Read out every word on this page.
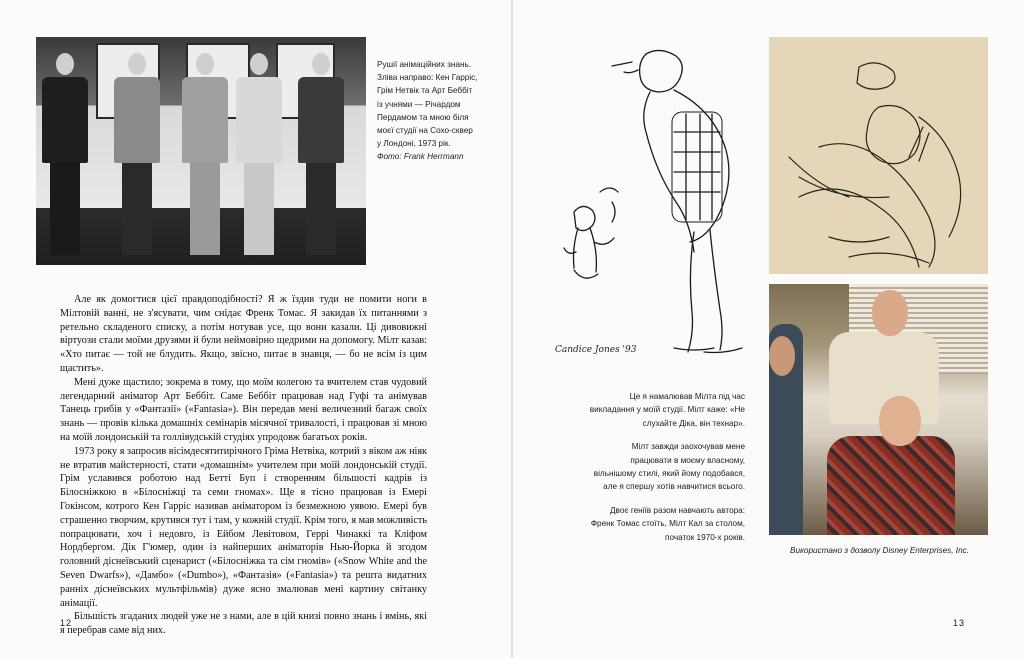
Рушії анімаційних знань.
Зліва направо: Кен Гарріс,
Грім Нетвік та Арт Беббіт
із учнями — Річардом
Пердамом та мною біля
моєї студії на Сохо-сквер
у Лондоні, 1973 рік.
Фото: Frank Herrmann

Але як домогтися цієї правдоподібності? Я ж їздив туди не помити ноги в Мілтовій ванні, не з'ясувати, чим снідає Френк Томас. Я закидав їх питаннями з ретельно складеного списку, а потім нотував усе, що вони казали. Ці дивовижні віртуози стали моїми друзями й були неймовірно щедрими на допомогу. Мілт казав: «Хто питає — той не блудить. Якщо, звісно, питає в знавця, — бо не всім із цим щастить».

Мені дуже щастило; зокрема в тому, що моїм колегою та вчителем став чудовий легендарний аніматор Арт Беббіт. Саме Беббіт працював над Гуфі та анімував Танець грибів у «Фантазії» («Fantasia»). Він передав мені величезний багаж своїх знань — провів кілька домашніх семінарів місячної тривалості, і працював зі мною на моїй лондонській та голлівудській студіях упродовж багатьох років.

1973 року я запросив вісімдесятитирічного Гріма Нетвіка, котрий з віком аж ніяк не втратив майстерності, стати «домашнім» учителем при моїй лондонській студії. Грім уславився роботою над Бетті Буп і створенням більшості кадрів із Білосніжкою в «Білосніжці та семи гномах». Ще я тісно працював із Емері Гокінсом, котрого Кен Гарріс називав аніматором із безмежною уявою. Емері був страшенно творчим, крутився тут і там, у кожній студії. Крім того, я мав можливість попрацювати, хоч і недовго, із Ейбом Левітовом, Геррі Чинаккі та Кліфом Нордбергом. Дік Г'юмер, один із найперших аніматорів Нью-Йорка й згодом головний діснеївський сценарист («Білосніжка та сім гномів» («Snow White and the Seven Dwarfs»), «Дамбо» («Dumbo»), «Фантазія» («Fantasia») та решта видатних ранніх діснеївських мультфільмів) дуже ясно змалював мені картину світанку анімації.

Більшість згаданих людей уже не з нами, але в цій книзі повно знань і вмінь, які я перебрав саме від них.

12
Candice Jones '93

Це я намалював Мілта під час викладання у моїй студії. Мілт каже: «Не слухайте Діка, він технар».

Мілт завжди заохочував мене працювати в моєму власному, вільнішому стилі, який йому подобався, але я спершу хотів навчитися всього.

Двоє геніїв разом навчають автора: Френк Томас стоїть, Мілт Кал за столом, початок 1970-х років.

Використано з дозволу Disney Enterprises, Inc.
13
